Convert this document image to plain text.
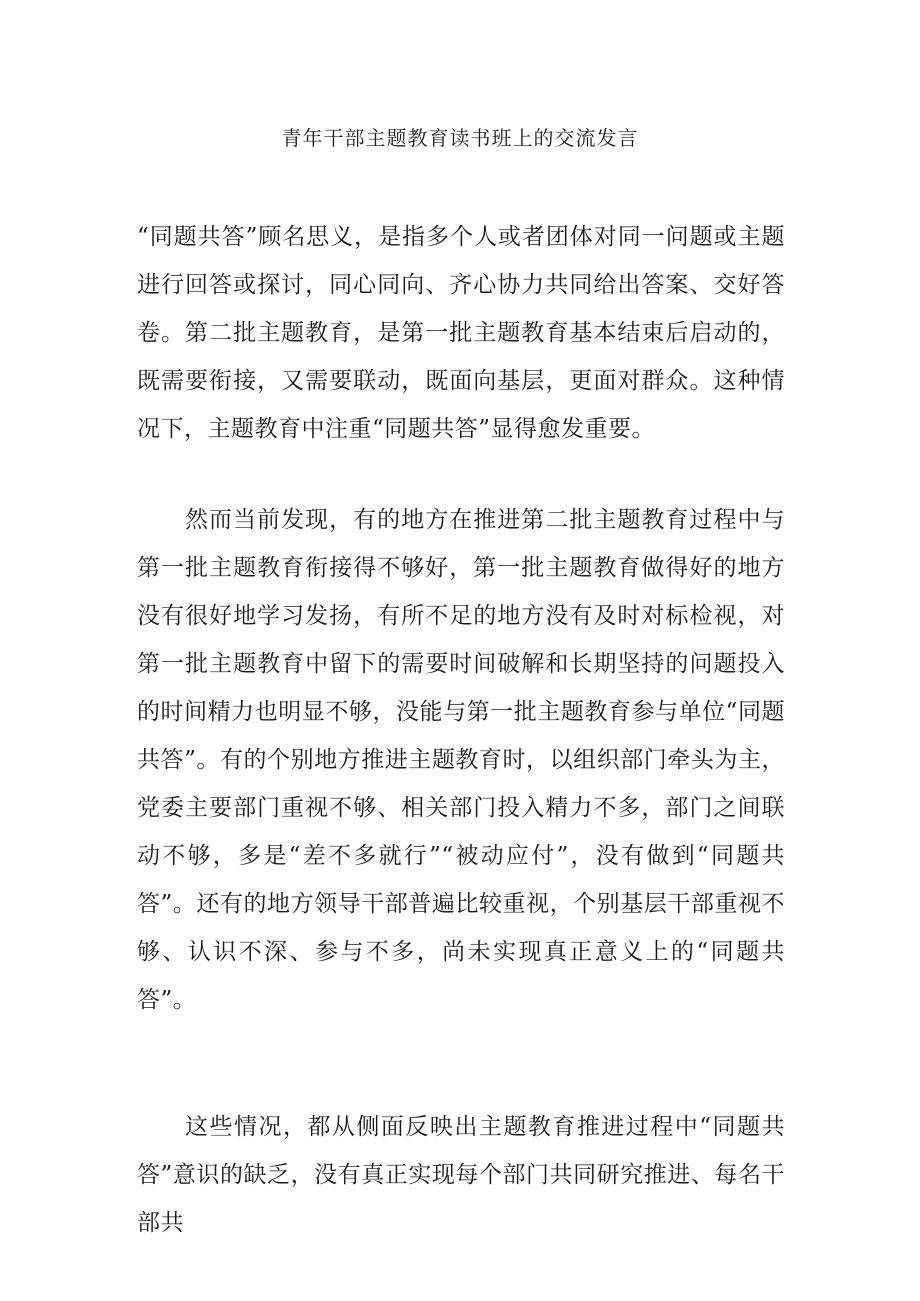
青年干部主题教育读书班上的交流发言

“同题共答”顾名思义，是指多个人或者团体对同一问题或主题进行回答或探讨，同心同向、齐心协力共同给出答案、交好答卷。第二批主题教育，是第一批主题教育基本结束后启动的，既需要衔接，又需要联动，既面向基层，更面对群众。这种情况下，主题教育中注重“同题共答”显得愈发重要。

然而当前发现，有的地方在推进第二批主题教育过程中与第一批主题教育衔接得不够好，第一批主题教育做得好的地方没有很好地学习发扬，有所不足的地方没有及时对标检视，对第一批主题教育中留下的需要时间破解和长期坚持的问题投入的时间精力也明显不够，没能与第一批主题教育参与单位“同题共答”。有的个别地方推进主题教育时，以组织部门牵头为主，党委主要部门重视不够、相关部门投入精力不多，部门之间联动不够，多是“差不多就行”“被动应付”，没有做到“同题共答”。还有的地方领导干部普遍比较重视，个别基层干部重视不够、认识不深、参与不多，尚未实现真正意义上的“同题共答”。

这些情况，都从侧面反映出主题教育推进过程中“同题共答”意识的缺乏，没有真正实现每个部门共同研究推进、每名干部共
